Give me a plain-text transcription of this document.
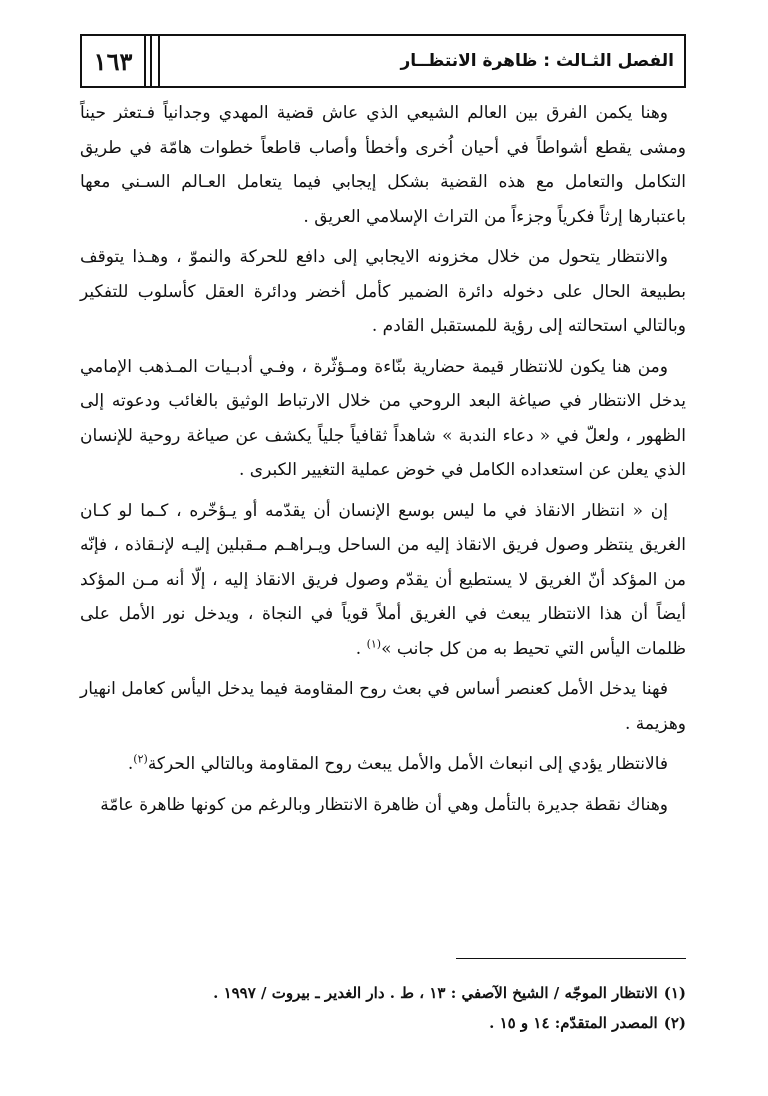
١٦٣	الفصل الثـالث : ظاهرة الانتظــار

وهنا يكمن الفرق بين العالم الشيعي الذي عاش قضية المهدي وجدانياً فـتعثر حيناً ومشى يقطع أشواطاً في أحيان اُخرى وأخطأ وأصاب قاطعاً خطوات هامّة في طريق التكامل والتعامل مع هذه القضية بشكل إيجابي فيما يتعامل العـالم السـني معها باعتبارها إرثاً فكرياً وجزءاً من التراث الإسلامي العريق .

والانتظار يتحول من خلال مخزونه الايجابي إلى دافع للحركة والنموّ ، وهـذا يتوقف بطبيعة الحال على دخوله دائرة الضمير كأمل أخضر ودائرة العقل كأسلوب للتفكير وبالتالي استحالته إلى رؤية للمستقبل القادم .

ومن هنا يكون للانتظار قيمة حضارية بنّاءة ومـؤثّرة ، وفـي أدبـيات المـذهب الإمامي يدخل الانتظار في صياغة البعد الروحي من خلال الارتباط الوثيق بالغائب ودعوته إلى الظهور ، ولعلّ في « دعاء الندبة » شاهداً ثقافياً جلياً يكشف عن صياغة روحية للإنسان الذي يعلن عن استعداده الكامل في خوض عملية التغيير الكبرى .

إن « انتظار الانقاذ في ما ليس بوسع الإنسان أن يقدّمه أو يـؤخّره ، كـما لو كـان الغريق ينتظر وصول فريق الانقاذ إليه من الساحل ويـراهـم مـقبلين إليـه لإنـقاذه ، فإنّه من المؤكد أنّ الغريق لا يستطيع أن يقدّم وصول فريق الانقاذ إليه ، إلّا أنه مـن المؤكد أيضاً أن هذا الانتظار يبعث في الغريق أملاً قوياً في النجاة ، ويدخل نور الأمل على ظلمات اليأس التي تحيط به من كل جانب »$^{(١)}$ .

فهنا يدخل الأمل كعنصر أساس في بعث روح المقاومة فيما يدخل اليأس كعامل انهيار وهزيمة .

فالانتظار يؤدي إلى انبعاث الأمل والأمل يبعث روح المقاومة وبالتالي الحركة$^{(٢)}$.

وهناك نقطة جديرة بالتأمل وهي أن ظاهرة الانتظار وبالرغم من كونها ظاهرة عامّة

(١)الانتظار الموجّه / الشيخ الآصفي : ١٣ ، ط . دار الغدير ـ بيروت / ١٩٩٧ .
(٢)المصدر المتقدّم: ١٤ و ١٥ .
